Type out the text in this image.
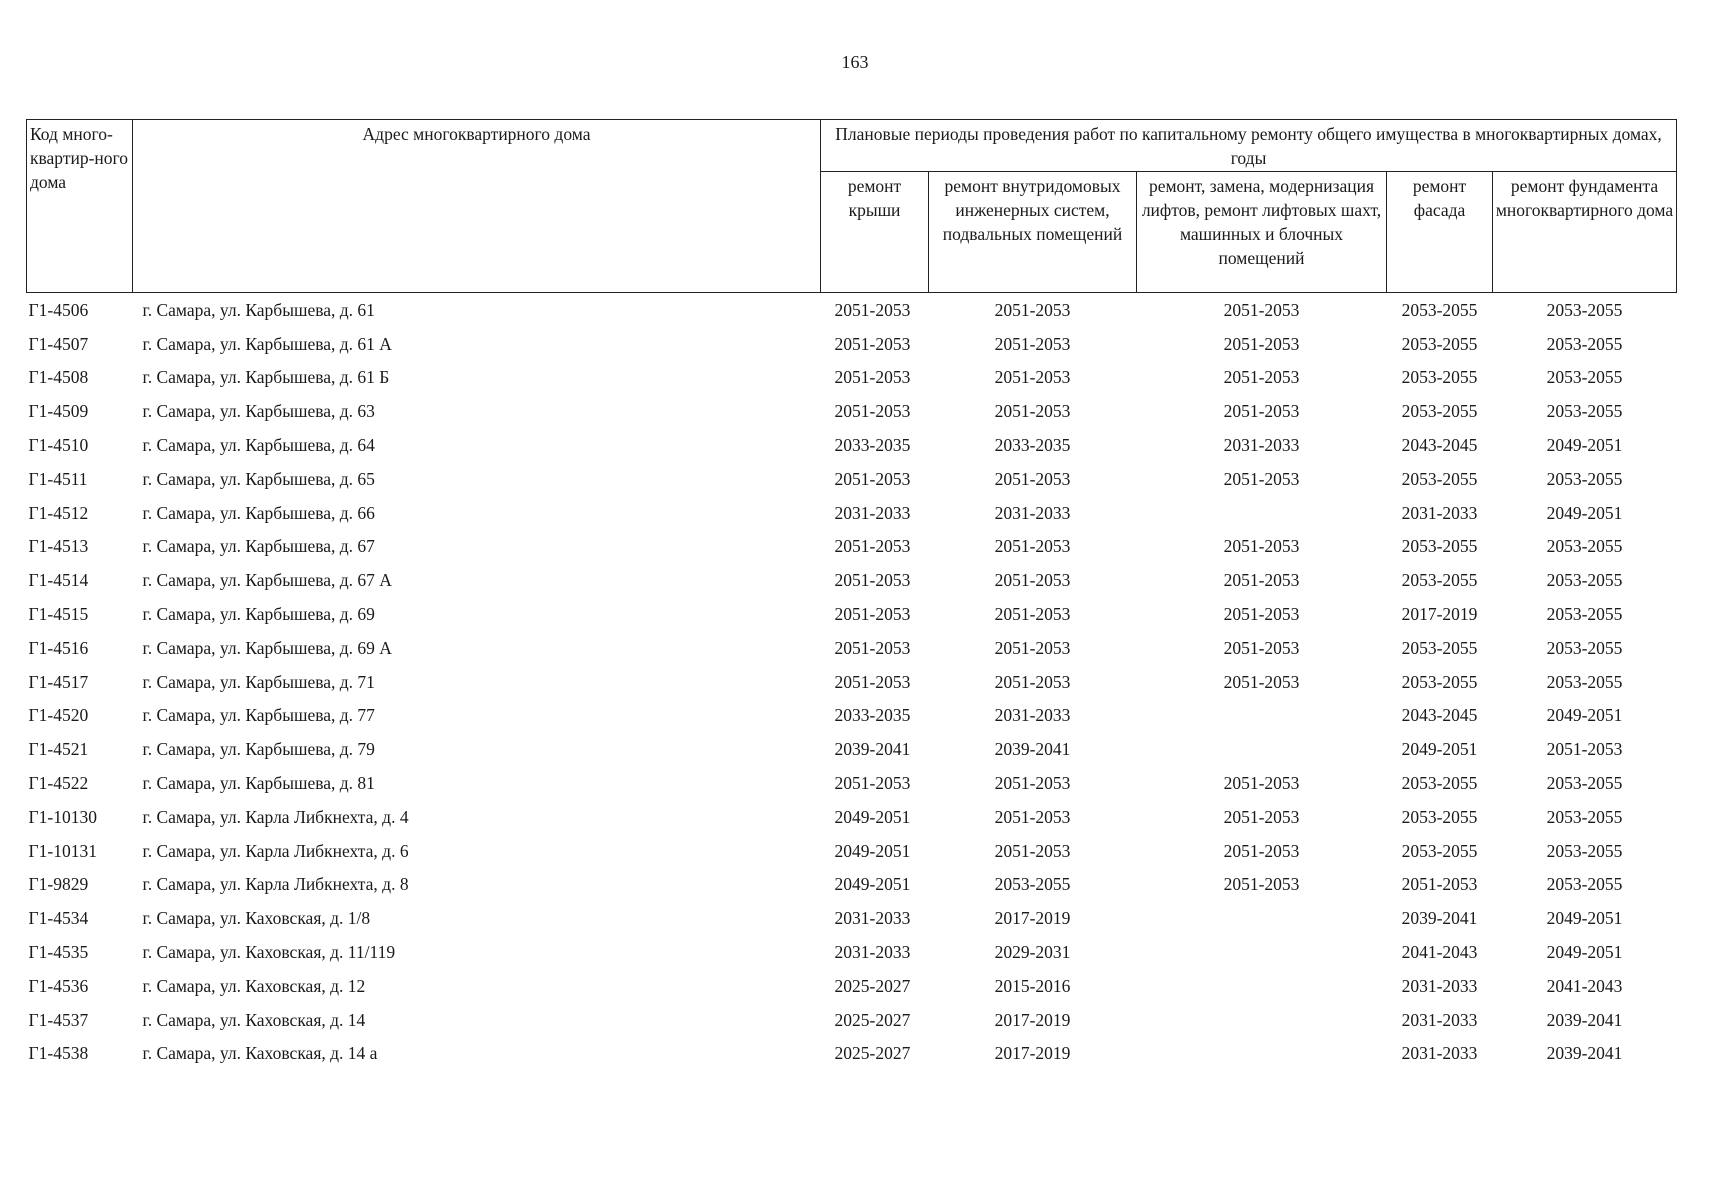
163
Код много-квартир-ного дома	Адрес многоквартирного дома	Плановые периоды проведения работ по капитальному ремонту общего имущества в многоквартирных домах, годы				
		ремонт крыши	ремонт внутридомовых инженерных систем, подвальных помещений	ремонт, замена, модернизация лифтов, ремонт лифтовых шахт, машинных и блочных помещений	ремонт фасада	ремонт фундамента многоквартирного дома
Г1-4506	г. Самара, ул. Карбышева, д. 61	2051-2053	2051-2053	2051-2053	2053-2055	2053-2055
Г1-4507	г. Самара, ул. Карбышева, д. 61 А	2051-2053	2051-2053	2051-2053	2053-2055	2053-2055
Г1-4508	г. Самара, ул. Карбышева, д. 61 Б	2051-2053	2051-2053	2051-2053	2053-2055	2053-2055
Г1-4509	г. Самара, ул. Карбышева, д. 63	2051-2053	2051-2053	2051-2053	2053-2055	2053-2055
Г1-4510	г. Самара, ул. Карбышева, д. 64	2033-2035	2033-2035	2031-2033	2043-2045	2049-2051
Г1-4511	г. Самара, ул. Карбышева, д. 65	2051-2053	2051-2053	2051-2053	2053-2055	2053-2055
Г1-4512	г. Самара, ул. Карбышева, д. 66	2031-2033	2031-2033		2031-2033	2049-2051
Г1-4513	г. Самара, ул. Карбышева, д. 67	2051-2053	2051-2053	2051-2053	2053-2055	2053-2055
Г1-4514	г. Самара, ул. Карбышева, д. 67 А	2051-2053	2051-2053	2051-2053	2053-2055	2053-2055
Г1-4515	г. Самара, ул. Карбышева, д. 69	2051-2053	2051-2053	2051-2053	2017-2019	2053-2055
Г1-4516	г. Самара, ул. Карбышева, д. 69 А	2051-2053	2051-2053	2051-2053	2053-2055	2053-2055
Г1-4517	г. Самара, ул. Карбышева, д. 71	2051-2053	2051-2053	2051-2053	2053-2055	2053-2055
Г1-4520	г. Самара, ул. Карбышева, д. 77	2033-2035	2031-2033		2043-2045	2049-2051
Г1-4521	г. Самара, ул. Карбышева, д. 79	2039-2041	2039-2041		2049-2051	2051-2053
Г1-4522	г. Самара, ул. Карбышева, д. 81	2051-2053	2051-2053	2051-2053	2053-2055	2053-2055
Г1-10130	г. Самара, ул. Карла Либкнехта, д. 4	2049-2051	2051-2053	2051-2053	2053-2055	2053-2055
Г1-10131	г. Самара, ул. Карла Либкнехта, д. 6	2049-2051	2051-2053	2051-2053	2053-2055	2053-2055
Г1-9829	г. Самара, ул. Карла Либкнехта, д. 8	2049-2051	2053-2055	2051-2053	2051-2053	2053-2055
Г1-4534	г. Самара, ул. Каховская, д. 1/8	2031-2033	2017-2019		2039-2041	2049-2051
Г1-4535	г. Самара, ул. Каховская, д. 11/119	2031-2033	2029-2031		2041-2043	2049-2051
Г1-4536	г. Самара, ул. Каховская, д. 12	2025-2027	2015-2016		2031-2033	2041-2043
Г1-4537	г. Самара, ул. Каховская, д. 14	2025-2027	2017-2019		2031-2033	2039-2041
Г1-4538	г. Самара, ул. Каховская, д. 14 а	2025-2027	2017-2019		2031-2033	2039-2041
